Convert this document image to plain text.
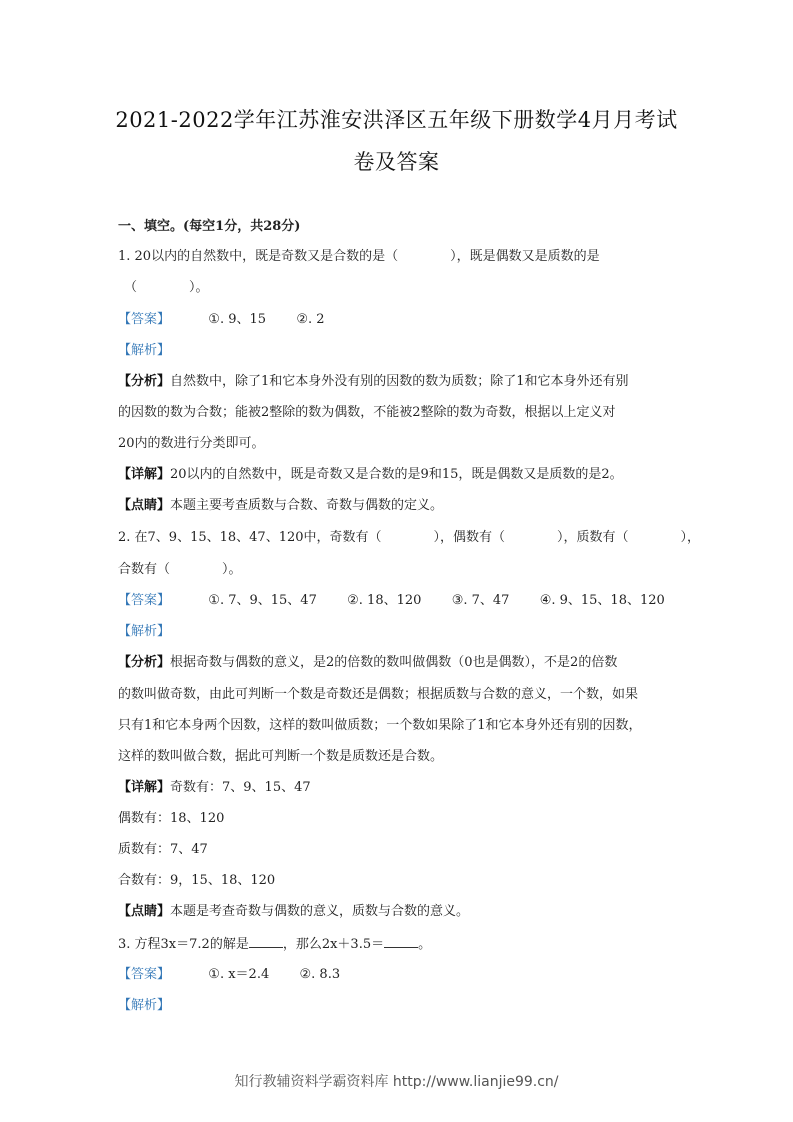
2021-2022学年江苏淮安洪泽区五年级下册数学4月月考试
卷及答案
一、填空。(每空1分，共28分)
1. 20以内的自然数中，既是奇数又是合数的是（　　　　），既是偶数又是质数的是
（　　　　）。
【答案】	①. 9、15 ②. 2
【解析】
【分析】自然数中，除了1和它本身外没有别的因数的数为质数；除了1和它本身外还有别
的因数的数为合数；能被2整除的数为偶数，不能被2整除的数为奇数，根据以上定义对
20内的数进行分类即可。
【详解】20以内的自然数中，既是奇数又是合数的是9和15，既是偶数又是质数的是2。
【点睛】本题主要考查质数与合数、奇数与偶数的定义。
2. 在7、9、15、18、47、120中，奇数有（　　　　），偶数有（　　　　），质数有（　　　　），
合数有（　　　　）。
【答案】	①. 7、9、15、47 ②. 18、120 ③. 7、47 ④. 9、15、18、120
【解析】
【分析】根据奇数与偶数的意义，是2的倍数的数叫做偶数（0也是偶数），不是2的倍数
的数叫做奇数，由此可判断一个数是奇数还是偶数；根据质数与合数的意义，一个数，如果
只有1和它本身两个因数，这样的数叫做质数；一个数如果除了1和它本身外还有别的因数，
这样的数叫做合数，据此可判断一个数是质数还是合数。
【详解】奇数有：7、9、15、47
偶数有：18、120
质数有：7、47
合数有：9，15、18、120
【点睛】本题是考查奇数与偶数的意义，质数与合数的意义。
3. 方程3x＝7.2的解是	，那么2x＋3.5＝	。
【答案】	①. x＝2.4 ②. 8.3
【解析】
知行教辅资料学霸资料库 http://www.lianjie99.cn/
